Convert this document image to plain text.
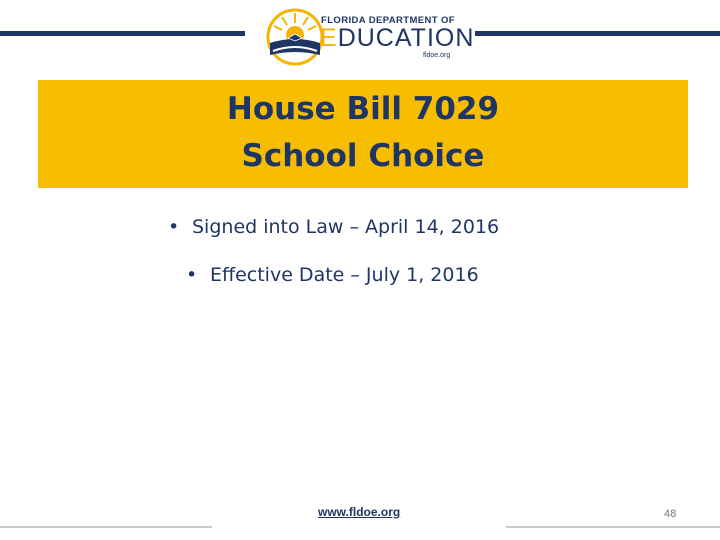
FLORIDA DEPARTMENT OF
EDUCATION
fldoe.org
House Bill 7029
School Choice
• Signed into Law – April 14, 2016
• Effective Date – July 1, 2016
www.fldoe.org	48
